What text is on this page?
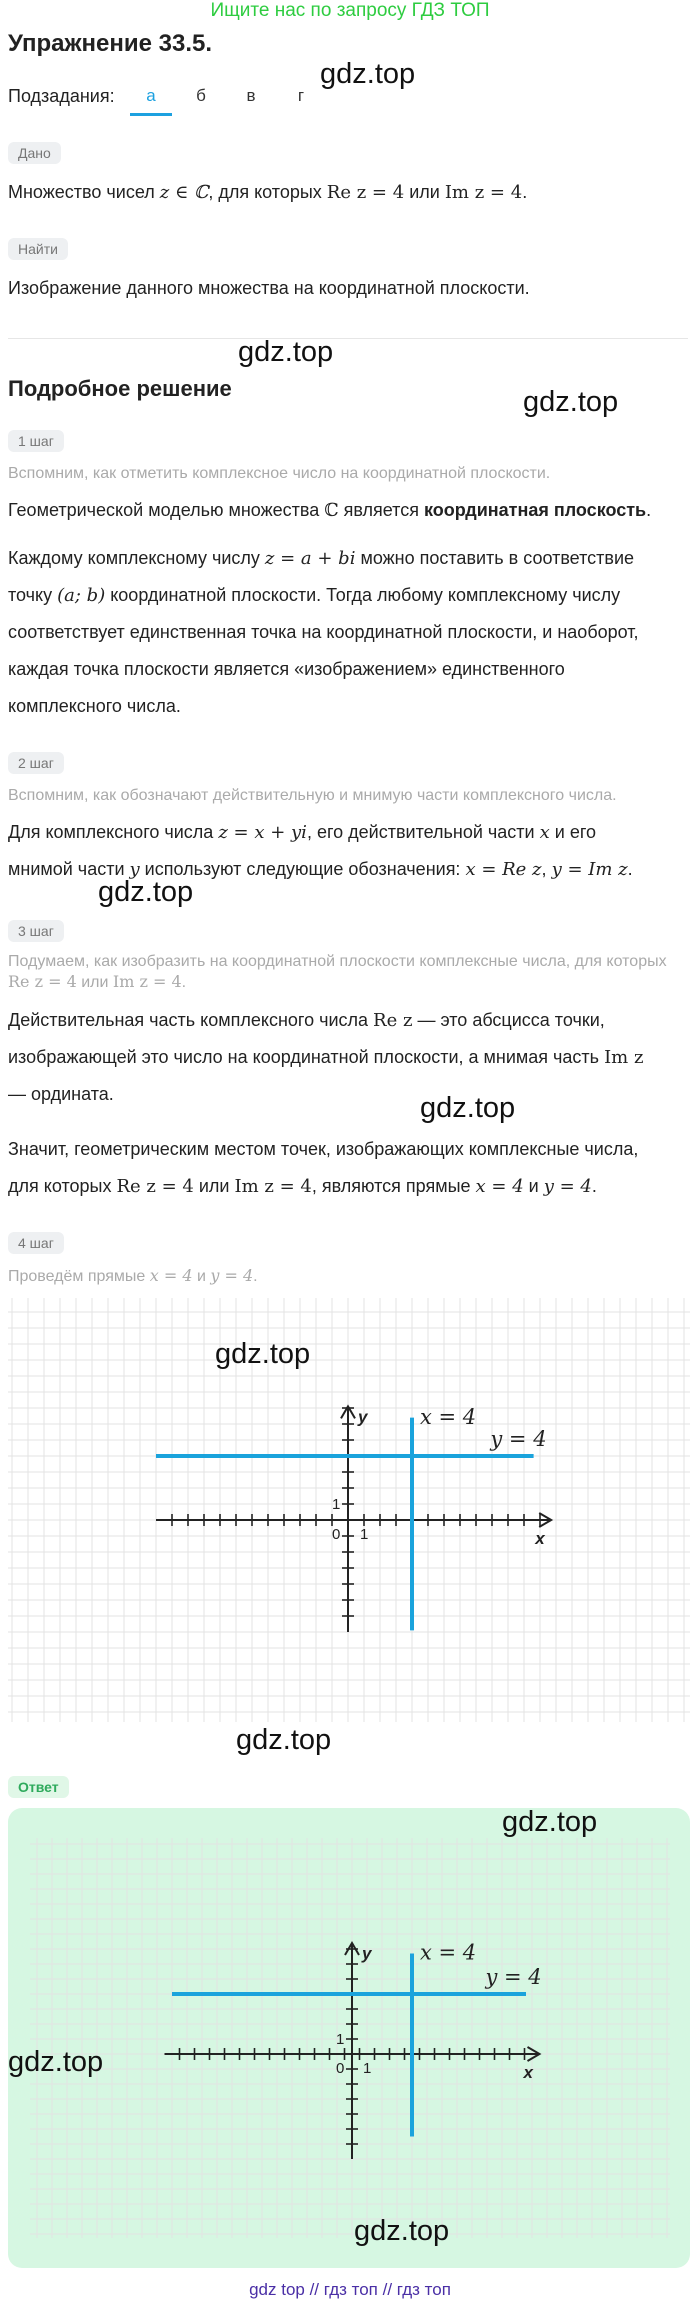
Ищите нас по запросу ГДЗ ТОП
Упражнение 33.5.
Подзадания:	а	б	в	г
gdz.top
Дано
Множество чисел z ∈ ℂ, для которых Re z = 4 или Im z = 4.
Найти
Изображение данного множества на координатной плоскости.
gdz.top
Подробное решение	gdz.top
1 шаг
Вспомним, как отметить комплексное число на координатной плоскости.
Геометрической моделью множества ℂ является координатная плоскость.
Каждому комплексному числу z = a + bi можно поставить в соответствие
точку (a; b) координатной плоскости. Тогда любому комплексному числу
соответствует единственная точка на координатной плоскости, и наоборот,
каждая точка плоскости является «изображением» единственного
комплексного числа.
2 шаг
Вспомним, как обозначают действительную и мнимую части комплексного числа.
Для комплексного числа z = x + yi, его действительной части x и его
мнимой части y используют следующие обозначения: x = Re z, y = Im z.
gdz.top
3 шаг
Подумаем, как изобразить на координатной плоскости комплексные числа, для которых
Re z = 4 или Im z = 4.
Действительная часть комплексного числа Re z — это абсцисса точки,
изображающей это число на координатной плоскости, а мнимая часть Im z
— ордината.	gdz.top
Значит, геометрическим местом точек, изображающих комплексные числа,
для которых Re z = 4 или Im z = 4, являются прямые x = 4 и y = 4.
4 шаг
Проведём прямые x = 4 и y = 4.
x
y
0 1
1
x = 4
y = 4
gdz.top
gdz.top
Ответ
x
y
0 1
1
x = 4
y = 4
gdz.top
gdz.top
gdz.top
gdz top // гдз топ // гдз топ
